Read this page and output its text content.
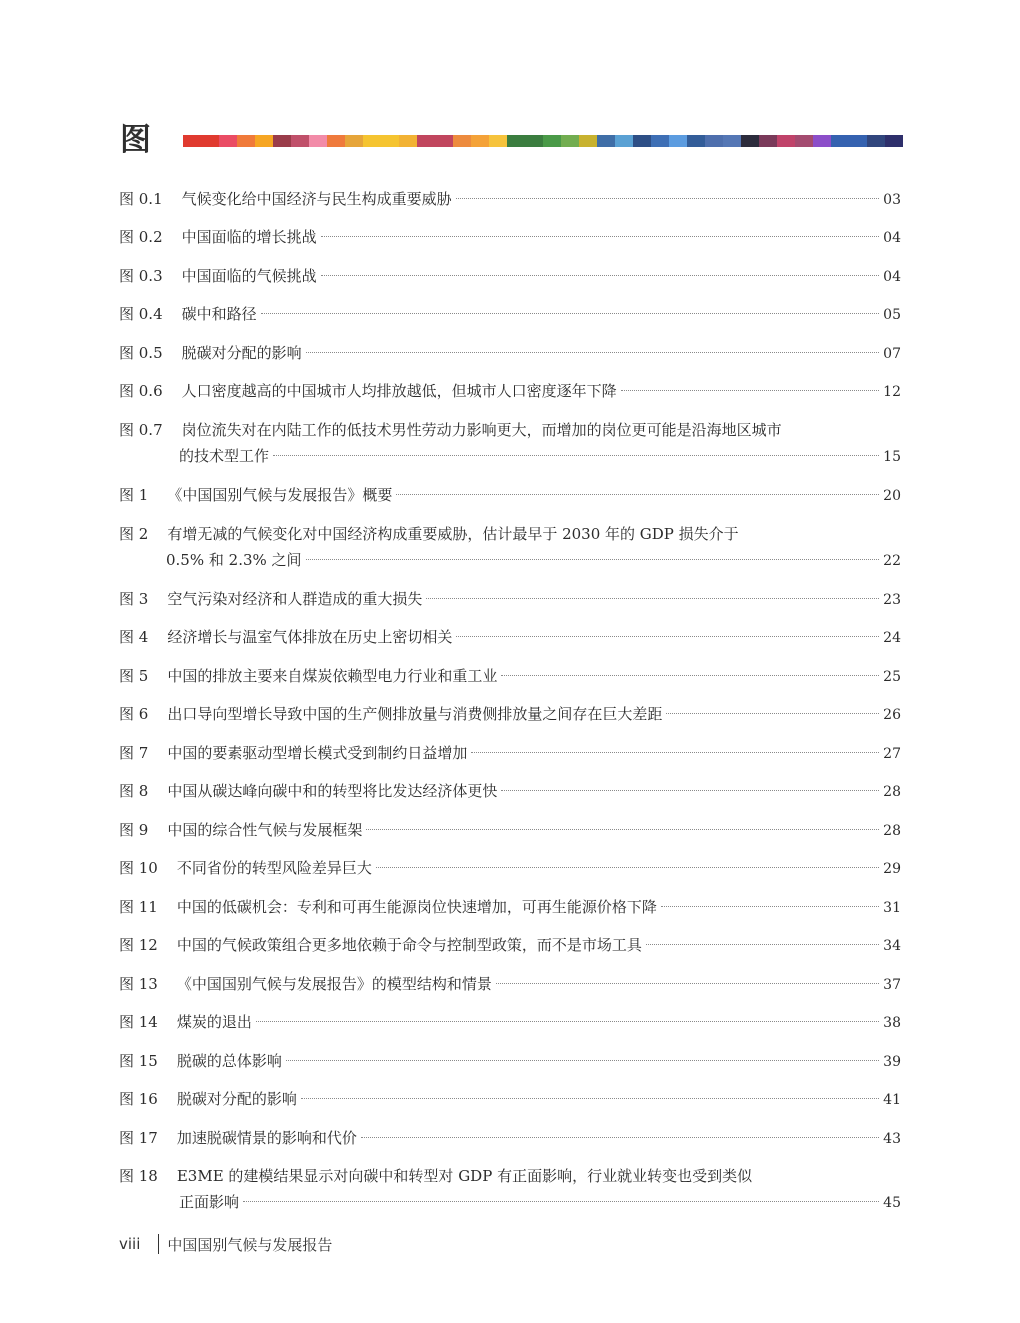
图
图 0.1	气候变化给中国经济与民生构成重要威胁	03
图 0.2	中国面临的增长挑战	04
图 0.3	中国面临的气候挑战	04
图 0.4	碳中和路径	05
图 0.5	脱碳对分配的影响	07
图 0.6	人口密度越高的中国城市人均排放越低，但城市人口密度逐年下降	12
图 0.7	岗位流失对在内陆工作的低技术男性劳动力影响更大，而增加的岗位更可能是沿海地区城市
的技术型工作	15
图 1	《中国国别气候与发展报告》概要	20
图 2	有增无减的气候变化对中国经济构成重要威胁，估计最早于 2030 年的 GDP 损失介于
0.5% 和 2.3% 之间	22
图 3	空气污染对经济和人群造成的重大损失	23
图 4	经济增长与温室气体排放在历史上密切相关	24
图 5	中国的排放主要来自煤炭依赖型电力行业和重工业	25
图 6	出口导向型增长导致中国的生产侧排放量与消费侧排放量之间存在巨大差距	26
图 7	中国的要素驱动型增长模式受到制约日益增加	27
图 8	中国从碳达峰向碳中和的转型将比发达经济体更快	28
图 9	中国的综合性气候与发展框架	28
图 10	不同省份的转型风险差异巨大	29
图 11	中国的低碳机会：专利和可再生能源岗位快速增加，可再生能源价格下降	31
图 12	中国的气候政策组合更多地依赖于命令与控制型政策，而不是市场工具	34
图 13	《中国国别气候与发展报告》的模型结构和情景	37
图 14	煤炭的退出	38
图 15	脱碳的总体影响	39
图 16	脱碳对分配的影响	41
图 17	加速脱碳情景的影响和代价	43
图 18	E3ME 的建模结果显示对向碳中和转型对 GDP 有正面影响，行业就业转变也受到类似
正面影响	45
viii 中国国别气候与发展报告
